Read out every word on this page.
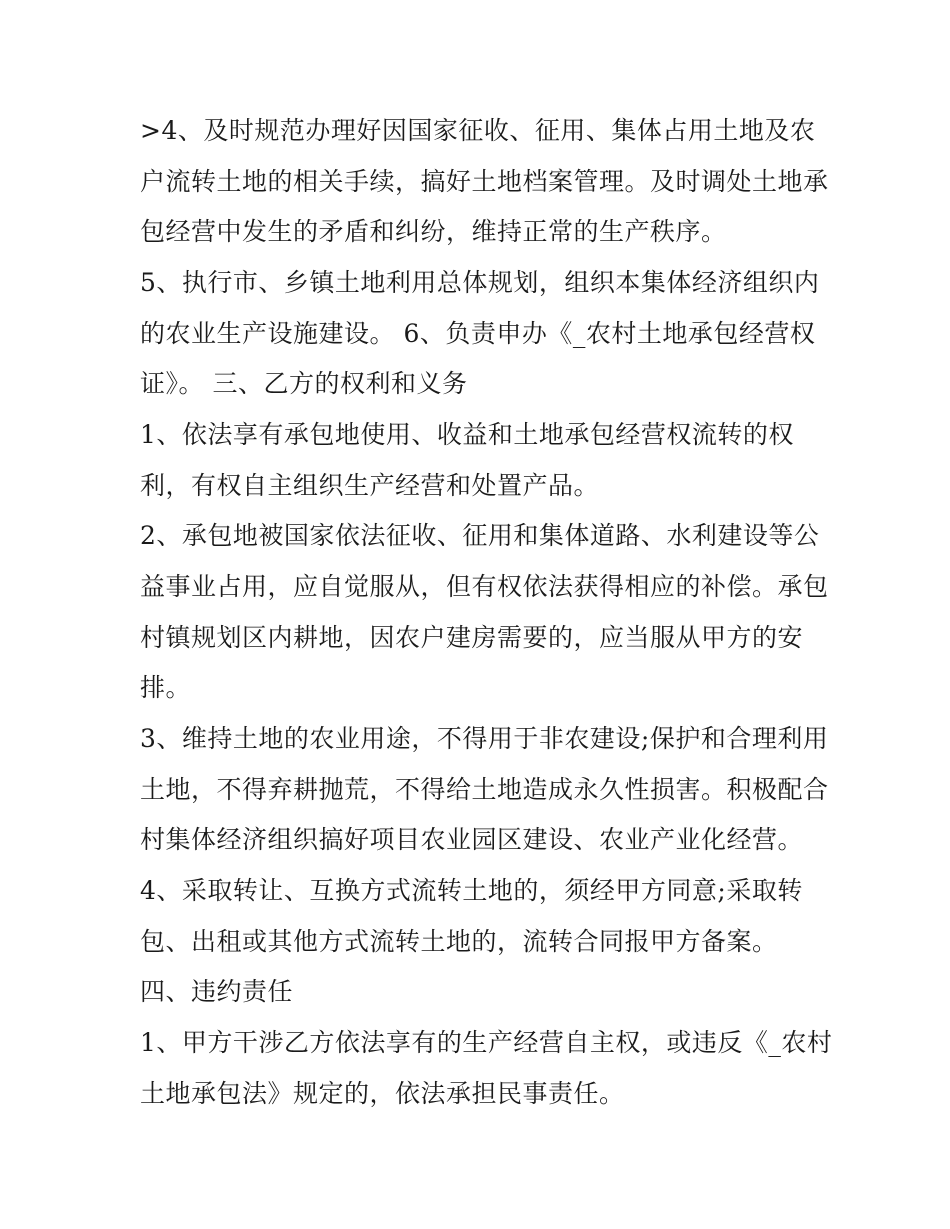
>4、及时规范办理好因国家征收、征用、集体占用土地及农
户流转土地的相关手续，搞好土地档案管理。及时调处土地承
包经营中发生的矛盾和纠纷，维持正常的生产秩序。
5、执行市、乡镇土地利用总体规划，组织本集体经济组织内
的农业生产设施建设。 6、负责申办《_农村土地承包经营权
证》。 三、乙方的权利和义务
1、依法享有承包地使用、收益和土地承包经营权流转的权
利，有权自主组织生产经营和处置产品。
2、承包地被国家依法征收、征用和集体道路、水利建设等公
益事业占用，应自觉服从，但有权依法获得相应的补偿。承包
村镇规划区内耕地，因农户建房需要的，应当服从甲方的安
排。
3、维持土地的农业用途，不得用于非农建设;保护和合理利用
土地，不得弃耕抛荒，不得给土地造成永久性损害。积极配合
村集体经济组织搞好项目农业园区建设、农业产业化经营。
4、采取转让、互换方式流转土地的，须经甲方同意;采取转
包、出租或其他方式流转土地的，流转合同报甲方备案。
四、违约责任
1、甲方干涉乙方依法享有的生产经营自主权，或违反《_农村
土地承包法》规定的，依法承担民事责任。
